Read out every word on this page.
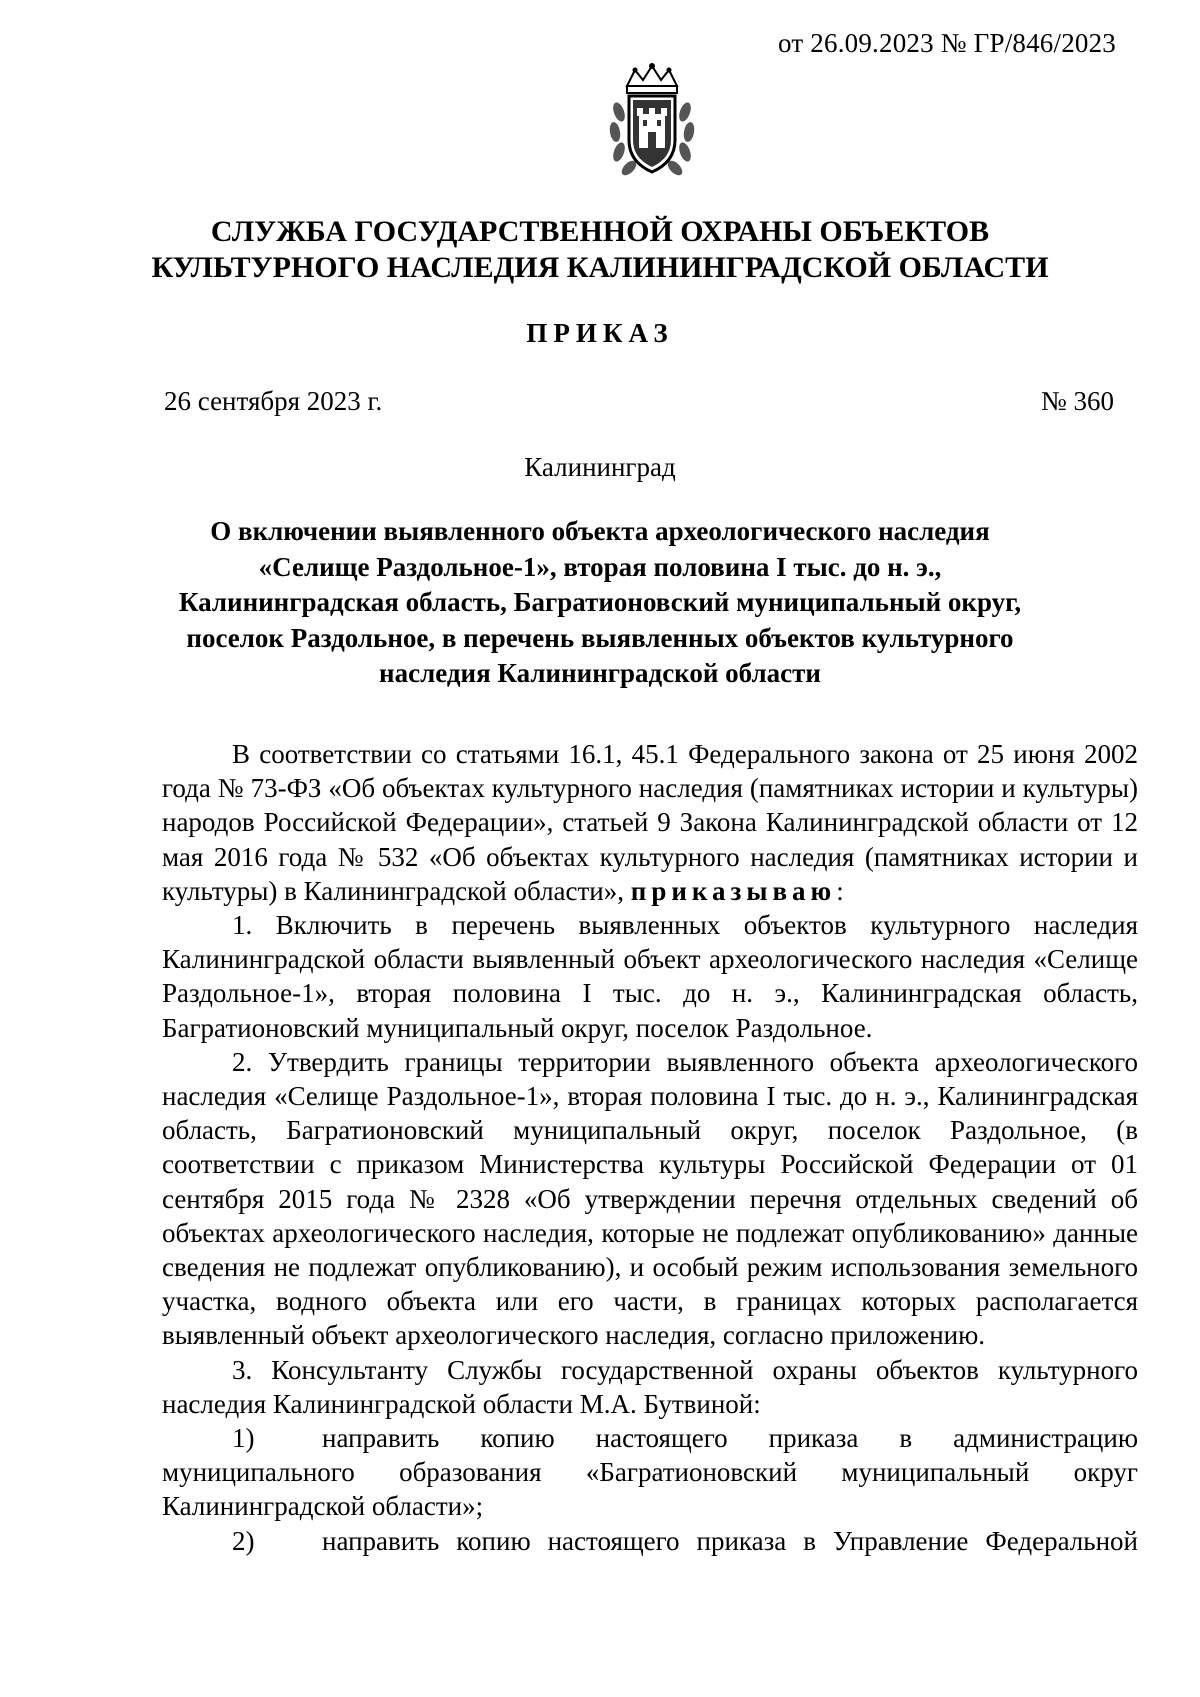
от 26.09.2023 № ГР/846/2023
СЛУЖБА ГОСУДАРСТВЕННОЙ ОХРАНЫ ОБЪЕКТОВ
КУЛЬТУРНОГО НАСЛЕДИЯ КАЛИНИНГРАДСКОЙ ОБЛАСТИ
ПРИКАЗ
26 сентября 2023 г.	№ 360
Калининград
О включении выявленного объекта археологического наследия
«Селище Раздольное-1», вторая половина I тыс. до н. э.,
Калининградская область, Багратионовский муниципальный округ,
поселок Раздольное, в перечень выявленных объектов культурного
наследия Калининградской области

В соответствии со статьями 16.1, 45.1 Федерального закона от 25 июня 2002 года № 73-ФЗ «Об объектах культурного наследия (памятниках истории и культуры) народов Российской Федерации», статьей 9 Закона Калининградской области от 12 мая 2016 года № 532 «Об объектах культурного наследия (памятниках истории и культуры) в Калининградской области», приказываю:

1. Включить в перечень выявленных объектов культурного наследия Калининградской области выявленный объект археологического наследия «Селище Раздольное-1», вторая половина I тыс. до н. э., Калининградская область, Багратионовский муниципальный округ, поселок Раздольное.

2. Утвердить границы территории выявленного объекта археологического наследия «Селище Раздольное-1», вторая половина I тыс. до н. э., Калининградская область, Багратионовский муниципальный округ, поселок Раздольное, (в соответствии с приказом Министерства культуры Российской Федерации от 01 сентября 2015 года № 2328 «Об утверждении перечня отдельных сведений об объектах археологического наследия, которые не подлежат опубликованию» данные сведения не подлежат опубликованию), и особый режим использования земельного участка, водного объекта или его части, в границах которых располагается выявленный объект археологического наследия, согласно приложению.

3. Консультанту Службы государственной охраны объектов культурного наследия Калининградской области М.А. Бутвиной:

1)	направить копию настоящего приказа в администрацию

муниципального образования «Багратионовский муниципальный округ Калининградской области»;

2)	направить копию настоящего приказа в Управление Федеральной
